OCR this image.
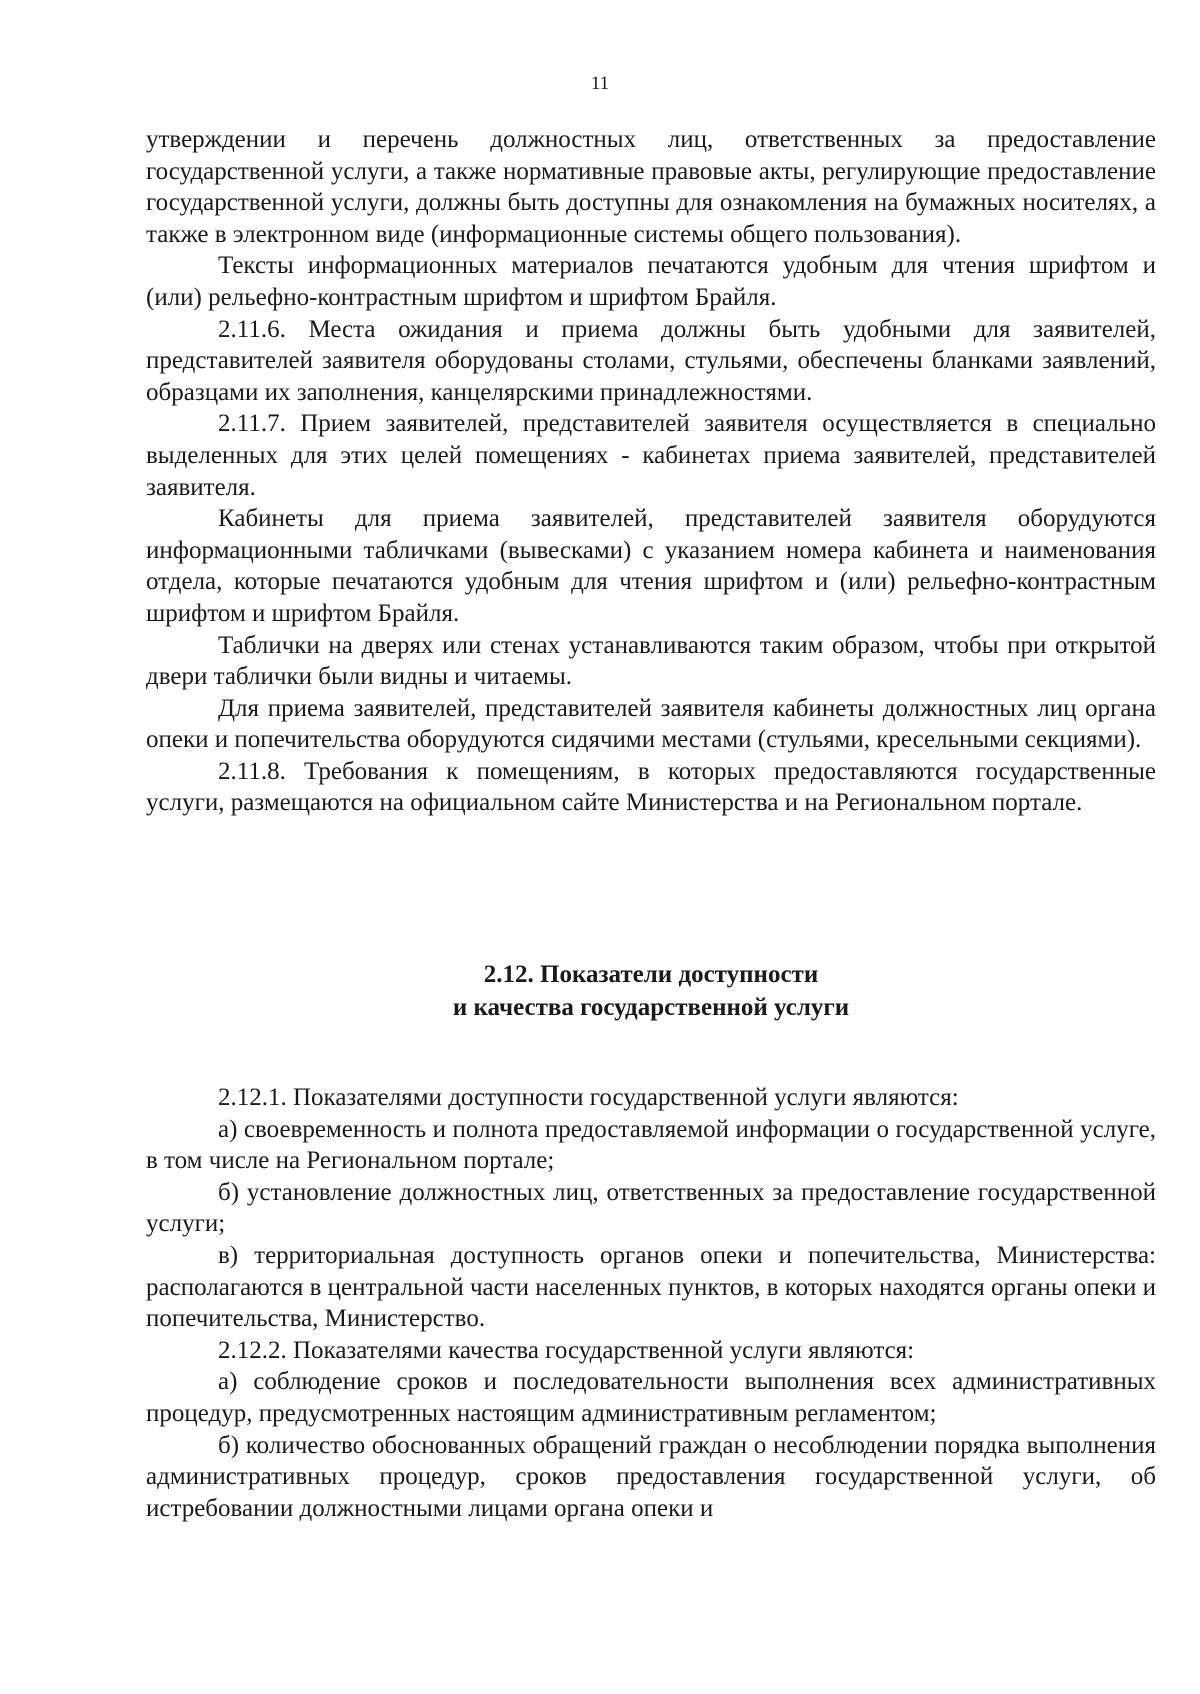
11

утверждении и перечень должностных лиц, ответственных за предоставление государственной услуги, а также нормативные правовые акты, регулирующие предоставление государственной услуги, должны быть доступны для ознакомления на бумажных носителях, а также в электронном виде (информационные системы общего пользования).

Тексты информационных материалов печатаются удобным для чтения шрифтом и (или) рельефно-контрастным шрифтом и шрифтом Брайля.

2.11.6. Места ожидания и приема должны быть удобными для заявителей, представителей заявителя оборудованы столами, стульями, обеспечены бланками заявлений, образцами их заполнения, канцелярскими принадлежностями.

2.11.7. Прием заявителей, представителей заявителя осуществляется в специально выделенных для этих целей помещениях - кабинетах приема заявителей, представителей заявителя.

Кабинеты для приема заявителей, представителей заявителя оборудуются информационными табличками (вывесками) с указанием номера кабинета и наименования отдела, которые печатаются удобным для чтения шрифтом и (или) рельефно-контрастным шрифтом и шрифтом Брайля.

Таблички на дверях или стенах устанавливаются таким образом, чтобы при открытой двери таблички были видны и читаемы.

Для приема заявителей, представителей заявителя кабинеты должностных лиц органа опеки и попечительства оборудуются сидячими местами (стульями, кресельными секциями).

2.11.8. Требования к помещениям, в которых предоставляются государственные услуги, размещаются на официальном сайте Министерства и на Региональном портале.

2.12. Показатели доступности
и качества государственной услуги

2.12.1. Показателями доступности государственной услуги являются:

а) своевременность и полнота предоставляемой информации о государственной услуге, в том числе на Региональном портале;

б) установление должностных лиц, ответственных за предоставление государственной услуги;

в) территориальная доступность органов опеки и попечительства, Министерства: располагаются в центральной части населенных пунктов, в которых находятся органы опеки и попечительства, Министерство.

2.12.2. Показателями качества государственной услуги являются:

а) соблюдение сроков и последовательности выполнения всех административных процедур, предусмотренных настоящим административным регламентом;

б) количество обоснованных обращений граждан о несоблюдении порядка выполнения административных процедур, сроков предоставления государственной услуги, об истребовании должностными лицами органа опеки и
